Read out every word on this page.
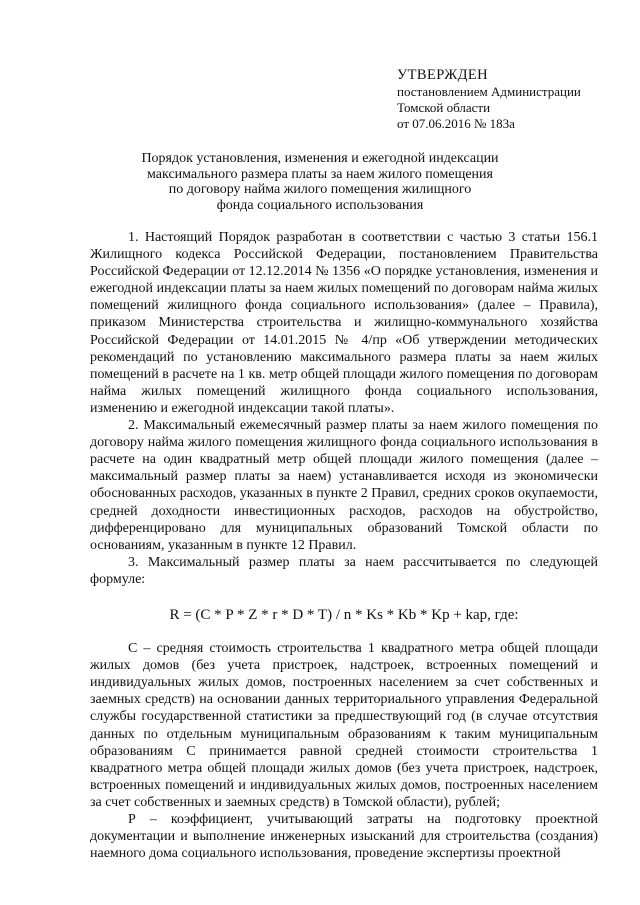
УТВЕРЖДЕН
постановлением Администрации
Томской области
от 07.06.2016 № 183а
Порядок установления, изменения и ежегодной индексации
максимального размера платы за наем жилого помещения
по договору найма жилого помещения жилищного
фонда социального использования

1. Настоящий Порядок разработан в соответствии с частью 3 статьи 156.1 Жилищного кодекса Российской Федерации, постановлением Правительства Российской Федерации от 12.12.2014 № 1356 «О порядке установления, изменения и ежегодной индексации платы за наем жилых помещений по договорам найма жилых помещений жилищного фонда социального использования» (далее – Правила), приказом Министерства строительства и жилищно-коммунального хозяйства Российской Федерации от 14.01.2015 № 4/пр «Об утверждении методических рекомендаций по установлению максимального размера платы за наем жилых помещений в расчете на 1 кв. метр общей площади жилого помещения по договорам найма жилых помещений жилищного фонда социального использования, изменению и ежегодной индексации такой платы».

2. Максимальный ежемесячный размер платы за наем жилого помещения по договору найма жилого помещения жилищного фонда социального использования в расчете на один квадратный метр общей площади жилого помещения (далее – максимальный размер платы за наем) устанавливается исходя из экономически обоснованных расходов, указанных в пункте 2 Правил, средних сроков окупаемости, средней доходности инвестиционных расходов, расходов на обустройство, дифференцировано для муниципальных образований Томской области по основаниям, указанным в пункте 12 Правил.

3. Максимальный размер платы за наем рассчитывается по следующей формуле:

R = (C * P * Z * r * D * T) / n * Ks * Kb * Kp + kap, где:

С – средняя стоимость строительства 1 квадратного метра общей площади жилых домов (без учета пристроек, надстроек, встроенных помещений и индивидуальных жилых домов, построенных населением за счет собственных и заемных средств) на основании данных территориального управления Федеральной службы государственной статистики за предшествующий год (в случае отсутствия данных по отдельным муниципальным образованиям к таким муниципальным образованиям С принимается равной средней стоимости строительства 1 квадратного метра общей площади жилых домов (без учета пристроек, надстроек, встроенных помещений и индивидуальных жилых домов, построенных населением за счет собственных и заемных средств) в Томской области), рублей;

Р – коэффициент, учитывающий затраты на подготовку проектной документации и выполнение инженерных изысканий для строительства (создания) наемного дома социального использования, проведение экспертизы проектной
